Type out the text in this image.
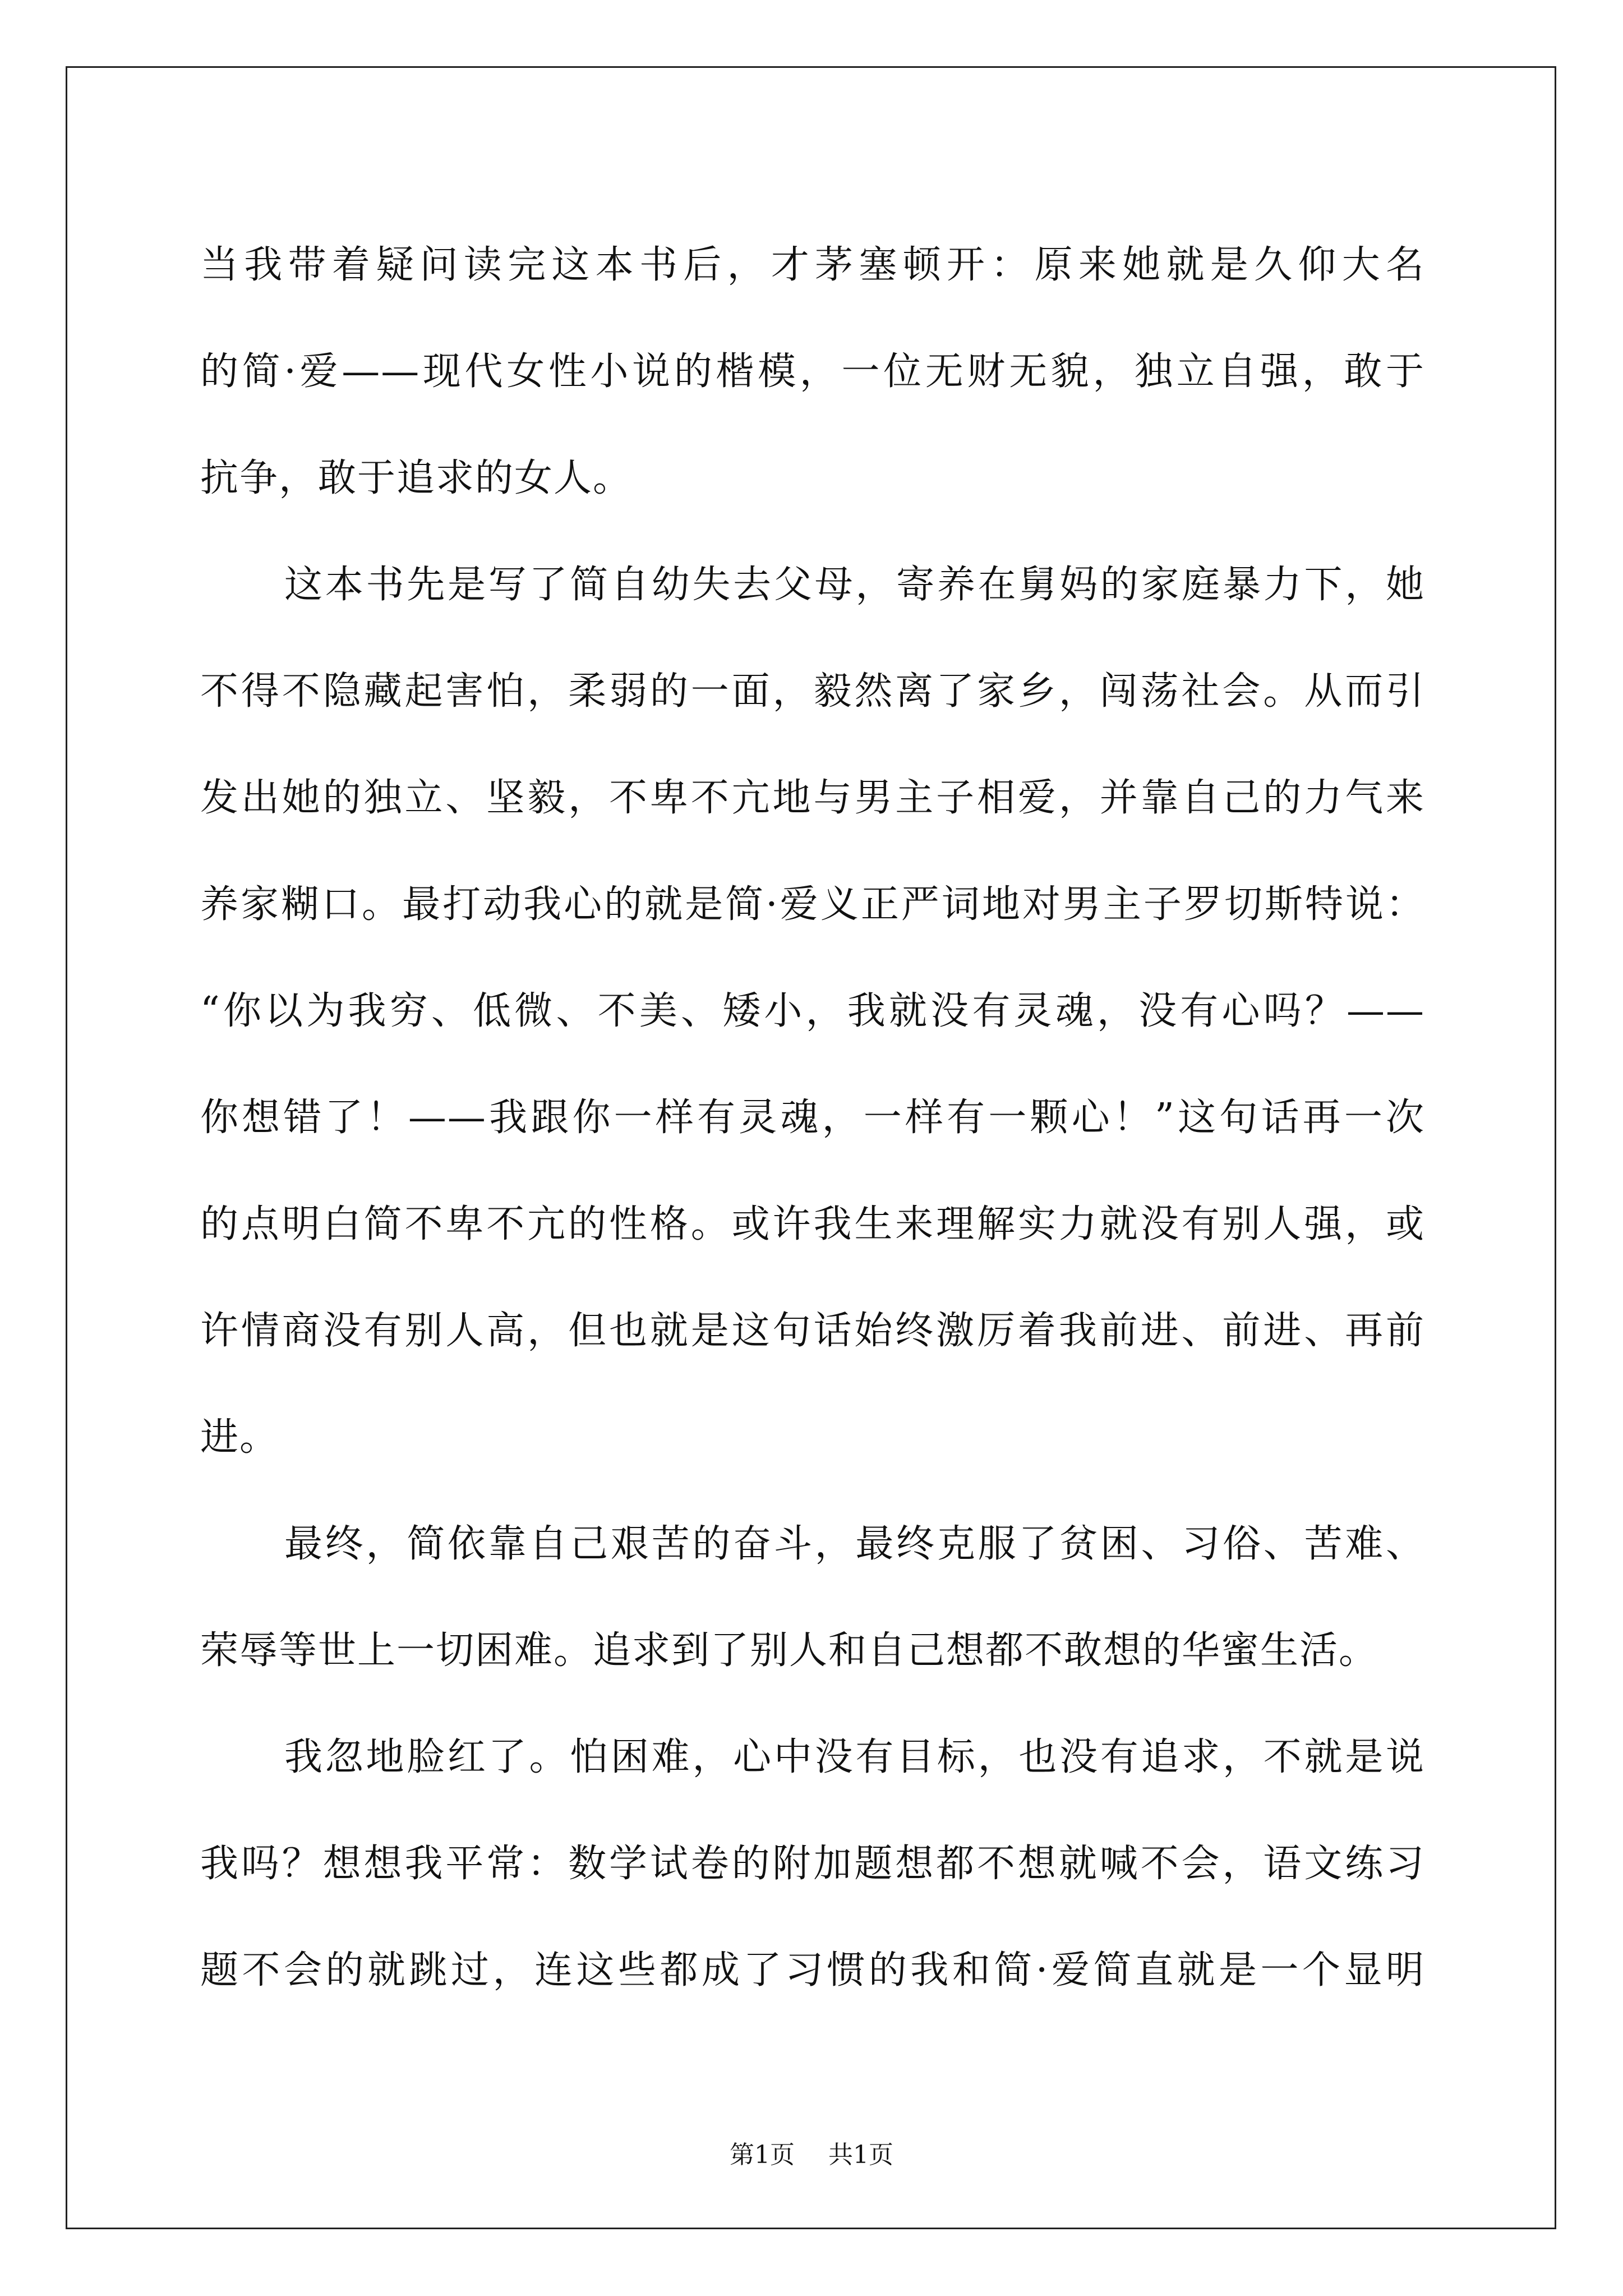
当我带着疑问读完这本书后，才茅塞顿开：原来她就是久仰大名
的简·爱——现代女性小说的楷模，一位无财无貌，独立自强，敢于
抗争，敢于追求的女人。
这本书先是写了简自幼失去父母，寄养在舅妈的家庭暴力下，她
不得不隐藏起害怕，柔弱的一面，毅然离了家乡，闯荡社会。从而引
发出她的独立、坚毅，不卑不亢地与男主子相爱，并靠自己的力气来
养家糊口。最打动我心的就是简·爱义正严词地对男主子罗切斯特说：
“你以为我穷、低微、不美、矮小，我就没有灵魂，没有心吗？——
你想错了！——我跟你一样有灵魂，一样有一颗心！”这句话再一次
的点明白简不卑不亢的性格。或许我生来理解实力就没有别人强，或
许情商没有别人高，但也就是这句话始终激厉着我前进、前进、再前
进。
最终，简依靠自己艰苦的奋斗，最终克服了贫困、习俗、苦难、
荣辱等世上一切困难。追求到了别人和自己想都不敢想的华蜜生活。
我忽地脸红了。怕困难，心中没有目标，也没有追求，不就是说
我吗？想想我平常：数学试卷的附加题想都不想就喊不会，语文练习
题不会的就跳过，连这些都成了习惯的我和简·爱简直就是一个显明
第1页 共1页
